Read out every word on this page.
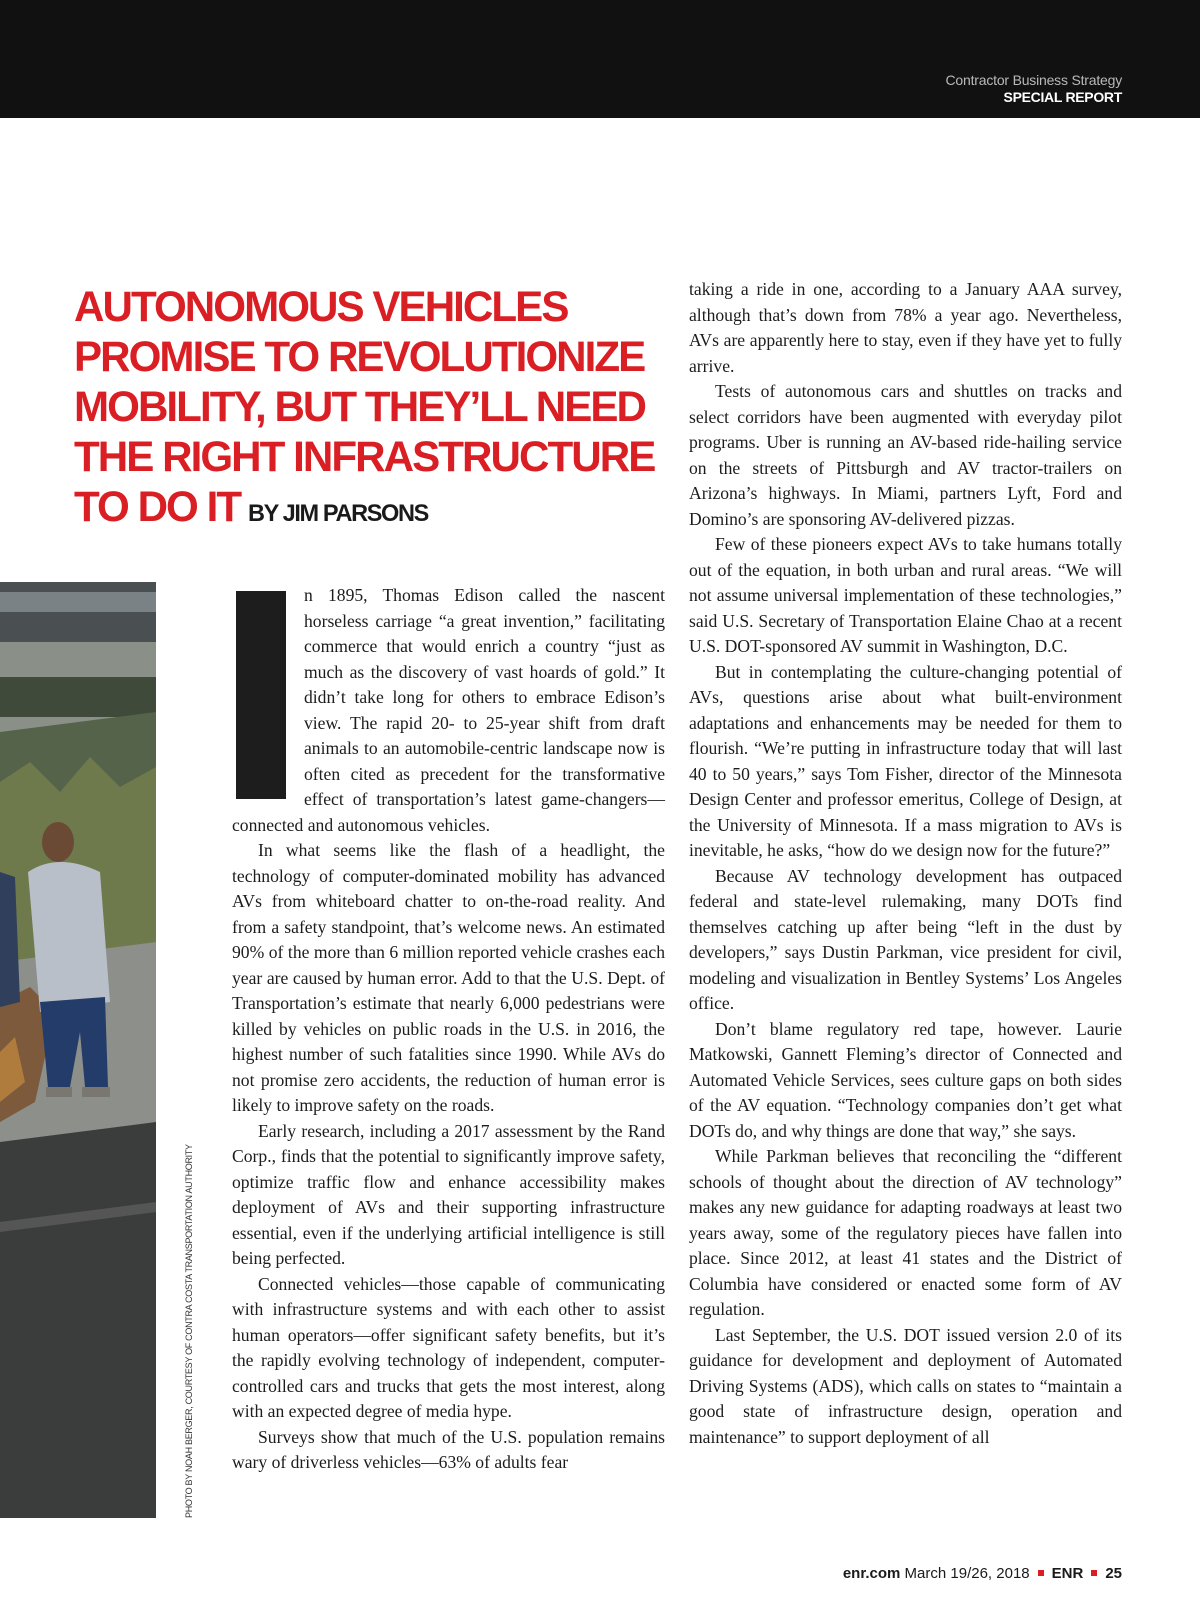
Contractor Business Strategy
SPECIAL REPORT
AUTONOMOUS VEHICLES PROMISE TO REVOLUTIONIZE MOBILITY, BUT THEY’LL NEED THE RIGHT INFRASTRUCTURE TO DO IT BY JIM PARSONS
PHOTO BY NOAH BERGER, COURTESY OF CONTRA COSTA TRANSPORTATION AUTHORITY

n 1895, Thomas Edison called the nascent horseless carriage “a great invention,” facilitating commerce that would enrich a country “just as much as the discovery of vast hoards of gold.” It didn’t take long for others to embrace Edison’s view. The rapid 20- to 25-year shift from draft animals to an automobile-centric landscape now is often cited as precedent for the transformative effect of transportation’s latest game-changers—connected and autonomous vehicles.

In what seems like the flash of a headlight, the technology of computer-dominated mobility has advanced AVs from whiteboard chatter to on-the-road reality. And from a safety standpoint, that’s welcome news. An estimated 90% of the more than 6 million reported vehicle crashes each year are caused by human error. Add to that the U.S. Dept. of Transportation’s estimate that nearly 6,000 pedestrians were killed by vehicles on public roads in the U.S. in 2016, the highest number of such fatalities since 1990. While AVs do not promise zero accidents, the reduction of human error is likely to improve safety on the roads.

Early research, including a 2017 assessment by the Rand Corp., finds that the potential to significantly improve safety, optimize traffic flow and enhance accessibility makes deployment of AVs and their supporting infrastructure essential, even if the underlying artificial intelligence is still being perfected.

Connected vehicles—those capable of communicating with infrastructure systems and with each other to assist human operators—offer significant safety benefits, but it’s the rapidly evolving technology of independent, computer-controlled cars and trucks that gets the most interest, along with an expected degree of media hype.

Surveys show that much of the U.S. population remains wary of driverless vehicles—63% of adults fear

taking a ride in one, according to a January AAA survey, although that’s down from 78% a year ago. Nevertheless, AVs are apparently here to stay, even if they have yet to fully arrive.

Tests of autonomous cars and shuttles on tracks and select corridors have been augmented with everyday pilot programs. Uber is running an AV-based ride-hailing service on the streets of Pittsburgh and AV tractor-trailers on Arizona’s highways. In Miami, partners Lyft, Ford and Domino’s are sponsoring AV-delivered pizzas.

Few of these pioneers expect AVs to take humans totally out of the equation, in both urban and rural areas. “We will not assume universal implementation of these technologies,” said U.S. Secretary of Transportation Elaine Chao at a recent U.S. DOT-sponsored AV summit in Washington, D.C.

But in contemplating the culture-changing potential of AVs, questions arise about what built-environment adaptations and enhancements may be needed for them to flourish. “We’re putting in infrastructure today that will last 40 to 50 years,” says Tom Fisher, director of the Minnesota Design Center and professor emeritus, College of Design, at the University of Minnesota. If a mass migration to AVs is inevitable, he asks, “how do we design now for the future?”

Because AV technology development has outpaced federal and state-level rulemaking, many DOTs find themselves catching up after being “left in the dust by developers,” says Dustin Parkman, vice president for civil, modeling and visualization in Bentley Systems’ Los Angeles office.

Don’t blame regulatory red tape, however. Laurie Matkowski, Gannett Fleming’s director of Connected and Automated Vehicle Services, sees culture gaps on both sides of the AV equation. “Technology companies don’t get what DOTs do, and why things are done that way,” she says.

While Parkman believes that reconciling the “different schools of thought about the direction of AV technology” makes any new guidance for adapting roadways at least two years away, some of the regulatory pieces have fallen into place. Since 2012, at least 41 states and the District of Columbia have considered or enacted some form of AV regulation.

Last September, the U.S. DOT issued version 2.0 of its guidance for development and deployment of Automated Driving Systems (ADS), which calls on states to “maintain a good state of infrastructure design, operation and maintenance” to support deployment of all

enr.com March 19/26, 2018 ENR 25
